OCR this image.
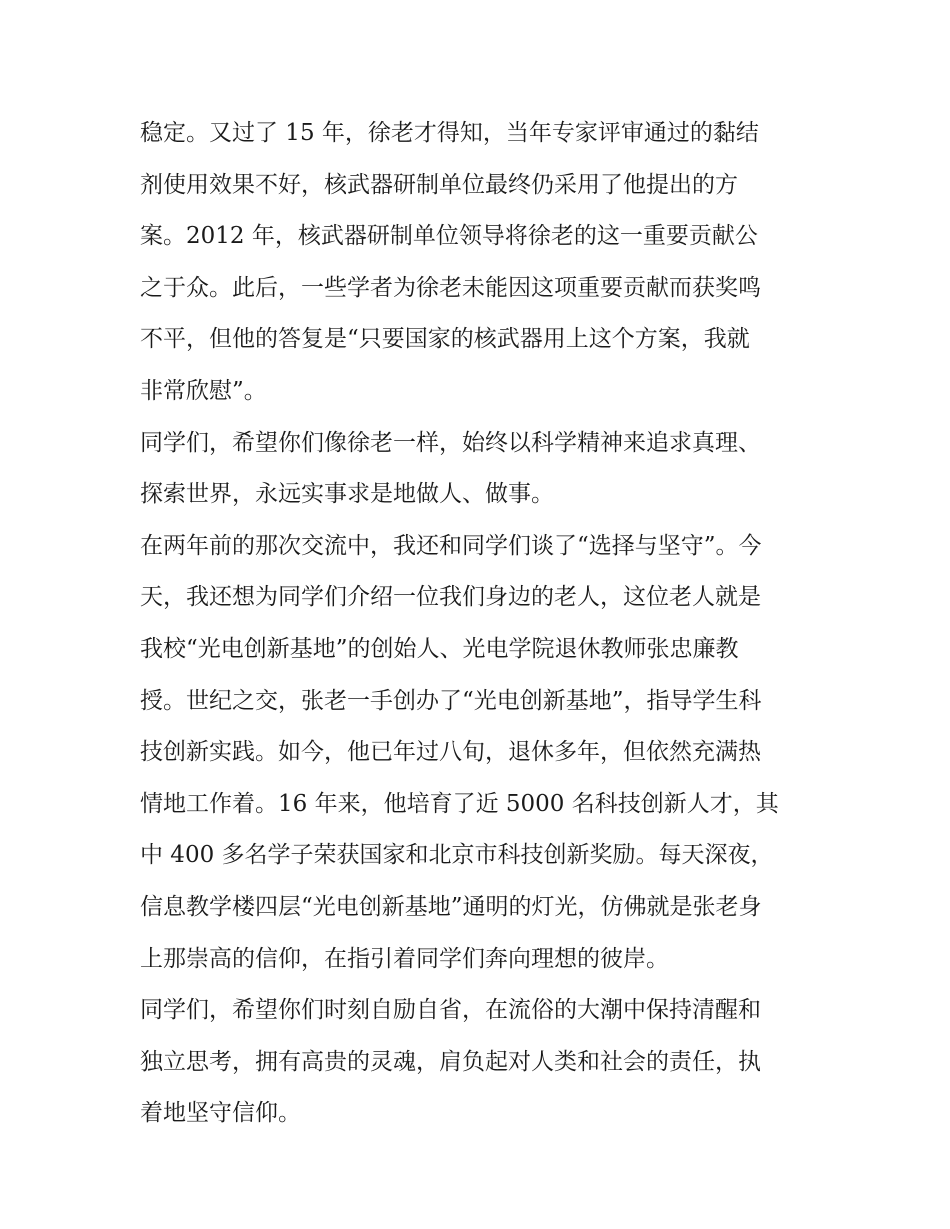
稳定。又过了 15 年，徐老才得知，当年专家评审通过的黏结
剂使用效果不好，核武器研制单位最终仍采用了他提出的方
案。2012 年，核武器研制单位领导将徐老的这一重要贡献公
之于众。此后，一些学者为徐老未能因这项重要贡献而获奖鸣
不平，但他的答复是“只要国家的核武器用上这个方案，我就
非常欣慰”。
同学们，希望你们像徐老一样，始终以科学精神来追求真理、
探索世界，永远实事求是地做人、做事。
在两年前的那次交流中，我还和同学们谈了“选择与坚守”。今
天，我还想为同学们介绍一位我们身边的老人，这位老人就是
我校“光电创新基地”的创始人、光电学院退休教师张忠廉教
授。世纪之交，张老一手创办了“光电创新基地”，指导学生科
技创新实践。如今，他已年过八旬，退休多年，但依然充满热
情地工作着。16 年来，他培育了近 5000 名科技创新人才，其
中 400 多名学子荣获国家和北京市科技创新奖励。每天深夜，
信息教学楼四层“光电创新基地”通明的灯光，仿佛就是张老身
上那崇高的信仰，在指引着同学们奔向理想的彼岸。
同学们，希望你们时刻自励自省，在流俗的大潮中保持清醒和
独立思考，拥有高贵的灵魂，肩负起对人类和社会的责任，执
着地坚守信仰。
